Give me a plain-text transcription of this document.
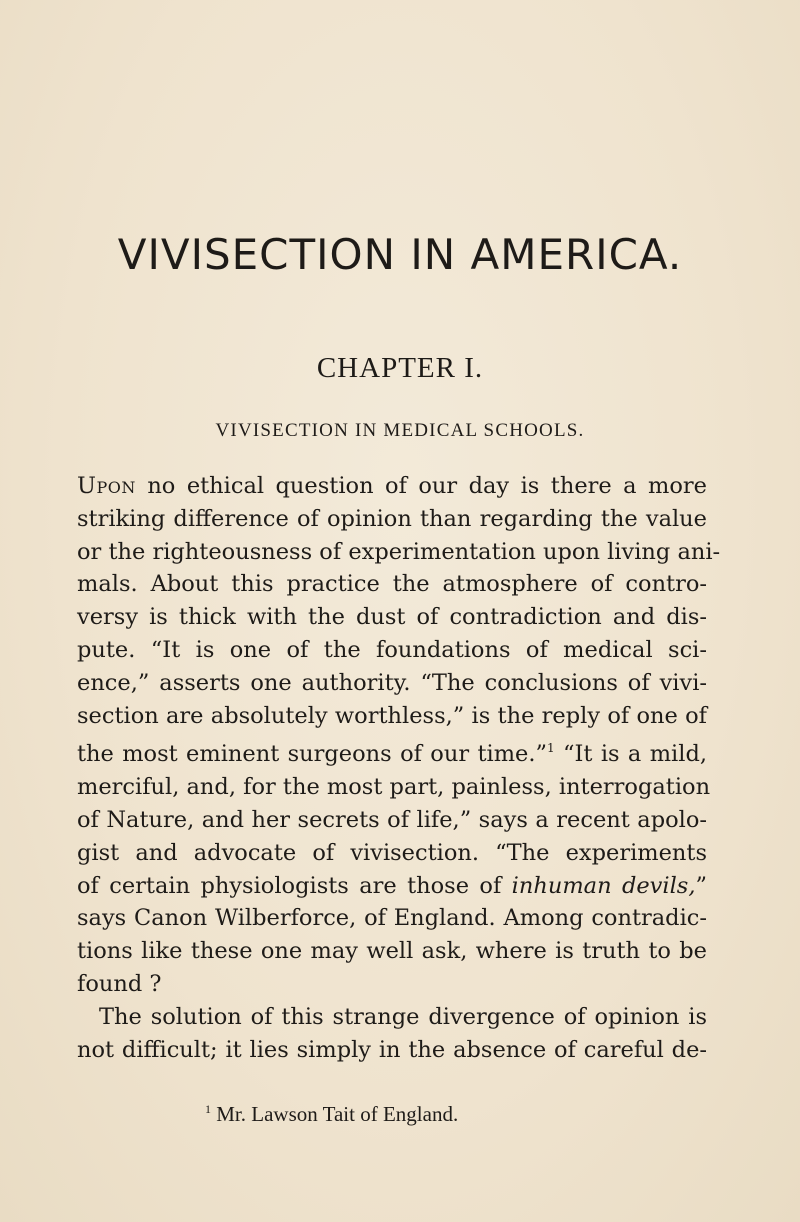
VIVISECTION IN AMERICA.
CHAPTER I.
VIVISECTION IN MEDICAL SCHOOLS.
Upon no ethical question of our day is there a more
striking difference of opinion than regarding the value
or the righteousness of experimentation upon living ani-
mals. About this practice the atmosphere of contro-
versy is thick with the dust of contradiction and dis-
pute. “It is one of the foundations of medical sci-
ence,” asserts one authority. “The conclusions of vivi-
section are absolutely worthless,” is the reply of one of
the most eminent surgeons of our time.”$^1$ “It is a mild,
merciful, and, for the most part, painless, interrogation
of Nature, and her secrets of life,” says a recent apolo-
gist and advocate of vivisection. “The experiments
of certain physiologists are those of inhuman devils,”
says Canon Wilberforce, of England. Among contradic-
tions like these one may well ask, where is truth to be
found ?
The solution of this strange divergence of opinion is
not difficult; it lies simply in the absence of careful de-

$^1$ Mr. Lawson Tait of England.
